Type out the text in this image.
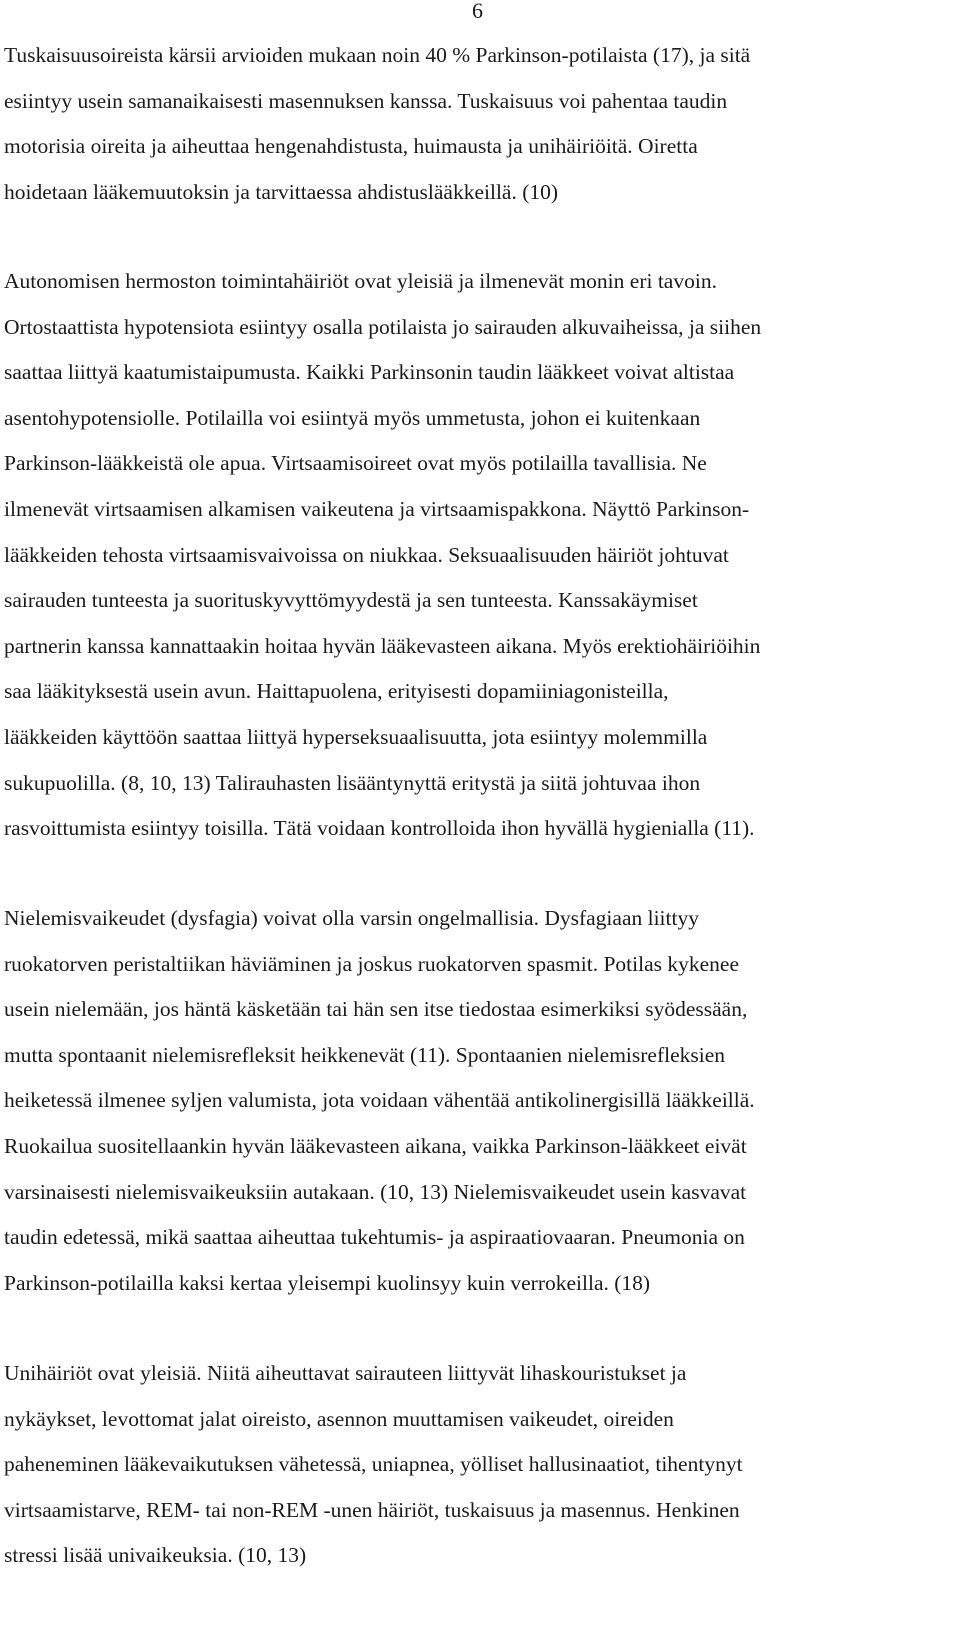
6
Tuskaisuusoireista kärsii arvioiden mukaan noin 40 % Parkinson-potilaista (17), ja sitä
esiintyy usein samanaikaisesti masennuksen kanssa. Tuskaisuus voi pahentaa taudin
motorisia oireita ja aiheuttaa hengenahdistusta, huimausta ja unihäiriöitä. Oiretta
hoidetaan lääkemuutoksin ja tarvittaessa ahdistuslääkkeillä. (10)
Autonomisen hermoston toimintahäiriöt ovat yleisiä ja ilmenevät monin eri tavoin.
Ortostaattista hypotensiota esiintyy osalla potilaista jo sairauden alkuvaiheissa, ja siihen
saattaa liittyä kaatumistaipumusta. Kaikki Parkinsonin taudin lääkkeet voivat altistaa
asentohypotensiolle. Potilailla voi esiintyä myös ummetusta, johon ei kuitenkaan
Parkinson-lääkkeistä ole apua. Virtsaamisoireet ovat myös potilailla tavallisia. Ne
ilmenevät virtsaamisen alkamisen vaikeutena ja virtsaamispakkona. Näyttö Parkinson-
lääkkeiden tehosta virtsaamisvaivoissa on niukkaa. Seksuaalisuuden häiriöt johtuvat
sairauden tunteesta ja suorituskyvyttömyydestä ja sen tunteesta. Kanssakäymiset
partnerin kanssa kannattaakin hoitaa hyvän lääkevasteen aikana. Myös erektiohäiriöihin
saa lääkityksestä usein avun. Haittapuolena, erityisesti dopamiiniagonisteilla,
lääkkeiden käyttöön saattaa liittyä hyperseksuaalisuutta, jota esiintyy molemmilla
sukupuolilla. (8, 10, 13) Talirauhasten lisääntynyttä eritystä ja siitä johtuvaa ihon
rasvoittumista esiintyy toisilla. Tätä voidaan kontrolloida ihon hyvällä hygienialla (11).
Nielemisvaikeudet (dysfagia) voivat olla varsin ongelmallisia. Dysfagiaan liittyy
ruokatorven peristaltiikan häviäminen ja joskus ruokatorven spasmit. Potilas kykenee
usein nielemään, jos häntä käsketään tai hän sen itse tiedostaa esimerkiksi syödessään,
mutta spontaanit nielemisrefleksit heikkenevät (11). Spontaanien nielemisrefleksien
heiketessä ilmenee syljen valumista, jota voidaan vähentää antikolinergisillä lääkkeillä.
Ruokailua suositellaankin hyvän lääkevasteen aikana, vaikka Parkinson-lääkkeet eivät
varsinaisesti nielemisvaikeuksiin autakaan. (10, 13) Nielemisvaikeudet usein kasvavat
taudin edetessä, mikä saattaa aiheuttaa tukehtumis- ja aspiraatiovaaran. Pneumonia on
Parkinson-potilailla kaksi kertaa yleisempi kuolinsyy kuin verrokeilla. (18)
Unihäiriöt ovat yleisiä. Niitä aiheuttavat sairauteen liittyvät lihaskouristukset ja
nykäykset, levottomat jalat oireisto, asennon muuttamisen vaikeudet, oireiden
paheneminen lääkevaikutuksen vähetessä, uniapnea, yölliset hallusinaatiot, tihentynyt
virtsaamistarve, REM- tai non-REM -unen häiriöt, tuskaisuus ja masennus. Henkinen
stressi lisää univaikeuksia. (10, 13)
